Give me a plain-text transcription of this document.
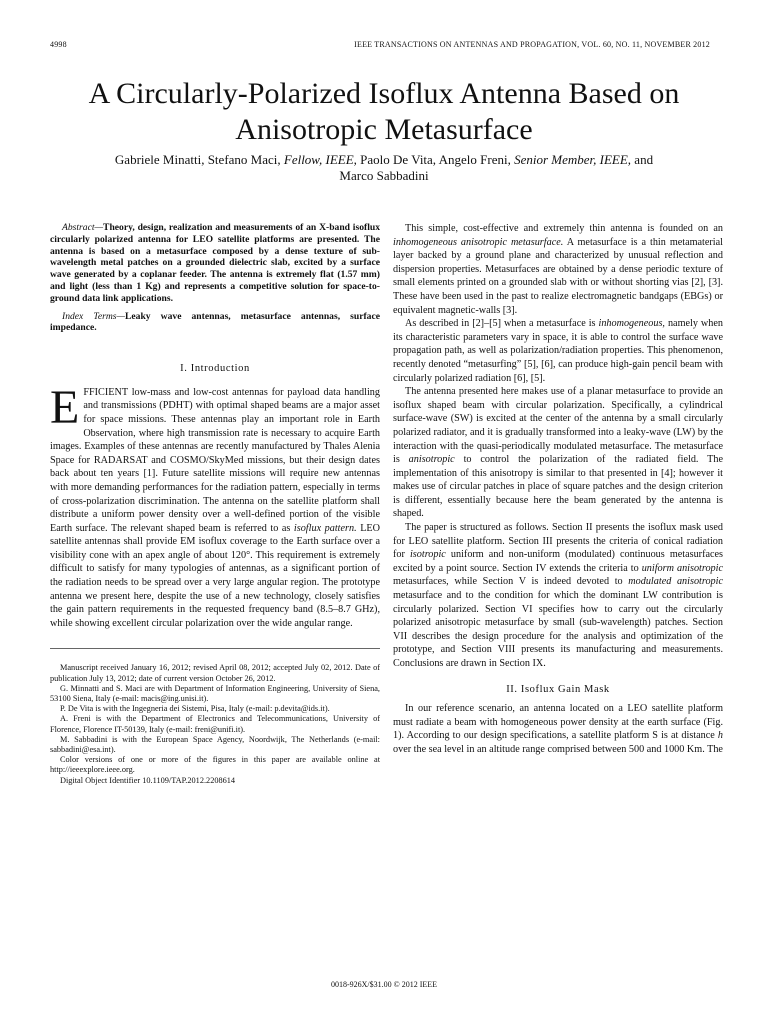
4998	IEEE TRANSACTIONS ON ANTENNAS AND PROPAGATION, VOL. 60, NO. 11, NOVEMBER 2012
A Circularly-Polarized Isoflux Antenna Based on Anisotropic Metasurface
Gabriele Minatti, Stefano Maci, Fellow, IEEE, Paolo De Vita, Angelo Freni, Senior Member, IEEE, and
Marco Sabbadini

Abstract—Theory, design, realization and measurements of an X-band isoflux circularly polarized antenna for LEO satellite platforms are presented. The antenna is based on a metasurface composed by a dense texture of sub-wavelength metal patches on a grounded dielectric slab, excited by a surface wave generated by a coplanar feeder. The antenna is extremely flat (1.57 mm) and light (less than 1 Kg) and represents a competitive solution for space-to-ground data link applications.

Index Terms—Leaky wave antennas, metasurface antennas, surface impedance.

I. Introduction

EFFICIENT low-mass and low-cost antennas for payload data handling and transmissions (PDHT) with optimal shaped beams are a major asset for space missions. These antennas play an important role in Earth Observation, where high transmission rate is necessary to acquire Earth images. Examples of these antennas are recently manufactured by Thales Alenia Space for RADARSAT and COSMO/SkyMed missions, but their design dates back about ten years [1]. Future satellite missions will require new antennas with more demanding performances for the radiation pattern, especially in terms of cross-polarization discrimination. The antenna on the satellite platform shall distribute a uniform power density over a well-defined portion of the visible Earth surface. The relevant shaped beam is referred to as isoflux pattern. LEO satellite antennas shall provide EM isoflux coverage to the Earth surface over a visibility cone with an apex angle of about 120°. This requirement is extremely difficult to satisfy for many typologies of antennas, as a significant portion of the radiation needs to be spread over a very large angular region. The prototype antenna we present here, despite the use of a new technology, closely satisfies the gain pattern requirements in the requested frequency band (8.5–8.7 GHz), while showing excellent circular polarization over the wide angular range.

Manuscript received January 16, 2012; revised April 08, 2012; accepted July 02, 2012. Date of publication July 13, 2012; date of current version October 26, 2012.

G. Minnatti and S. Maci are with Department of Information Engineering, University of Siena, 53100 Siena, Italy (e-mail: macis@ing.unisi.it).

P. De Vita is with the Ingegneria dei Sistemi, Pisa, Italy (e-mail: p.devita@ids.it).

A. Freni is with the Department of Electronics and Telecommunications, University of Florence, Florence IT-50139, Italy (e-mail: freni@unifi.it).

M. Sabbadini is with the European Space Agency, Noordwijk, The Netherlands (e-mail: sabbadini@esa.int).

Color versions of one or more of the figures in this paper are available online at http://ieeexplore.ieee.org.

Digital Object Identifier 10.1109/TAP.2012.2208614

This simple, cost-effective and extremely thin antenna is founded on an inhomogeneous anisotropic metasurface. A metasurface is a thin metamaterial layer backed by a ground plane and characterized by unusual reflection and dispersion properties. Metasurfaces are obtained by a dense periodic texture of small elements printed on a grounded slab with or without shorting vias [2], [3]. These have been used in the past to realize electromagnetic bandgaps (EBGs) or equivalent magnetic-walls [3].

As described in [2]–[5] when a metasurface is inhomogeneous, namely when its characteristic parameters vary in space, it is able to control the surface wave propagation path, as well as polarization/radiation properties. This phenomenon, recently denoted “metasurfing” [5], [6], can produce high-gain pencil beam with circularly polarized radiation [6], [5].

The antenna presented here makes use of a planar metasurface to provide an isoflux shaped beam with circular polarization. Specifically, a cylindrical surface-wave (SW) is excited at the center of the antenna by a small circularly polarized radiator, and it is gradually transformed into a leaky-wave (LW) by the interaction with the quasi-periodically modulated metasurface. The metasurface is anisotropic to control the polarization of the radiated field. The implementation of this anisotropy is similar to that presented in [4]; however it makes use of circular patches in place of square patches and the design criterion is different, essentially because here the beam generated by the antenna is shaped.

The paper is structured as follows. Section II presents the isoflux mask used for LEO satellite platform. Section III presents the criteria of conical radiation for isotropic uniform and non-uniform (modulated) continuous metasurfaces excited by a point source. Section IV extends the criteria to uniform anisotropic metasurfaces, while Section V is indeed devoted to modulated anisotropic metasurface and to the condition for which the dominant LW contribution is circularly polarized. Section VI specifies how to carry out the circularly polarized anisotropic metasurface by small (sub-wavelength) patches. Section VII describes the design procedure for the analysis and optimization of the prototype, and Section VIII presents its manufacturing and measurements. Conclusions are drawn in Section IX.

II. Isoflux Gain Mask

In our reference scenario, an antenna located on a LEO satellite platform must radiate a beam with homogeneous power density at the earth surface (Fig. 1). According to our design specifications, a satellite platform S is at distance h over the sea level in an altitude range comprised between 500 and 1000 Km. The

0018-926X/$31.00 © 2012 IEEE
